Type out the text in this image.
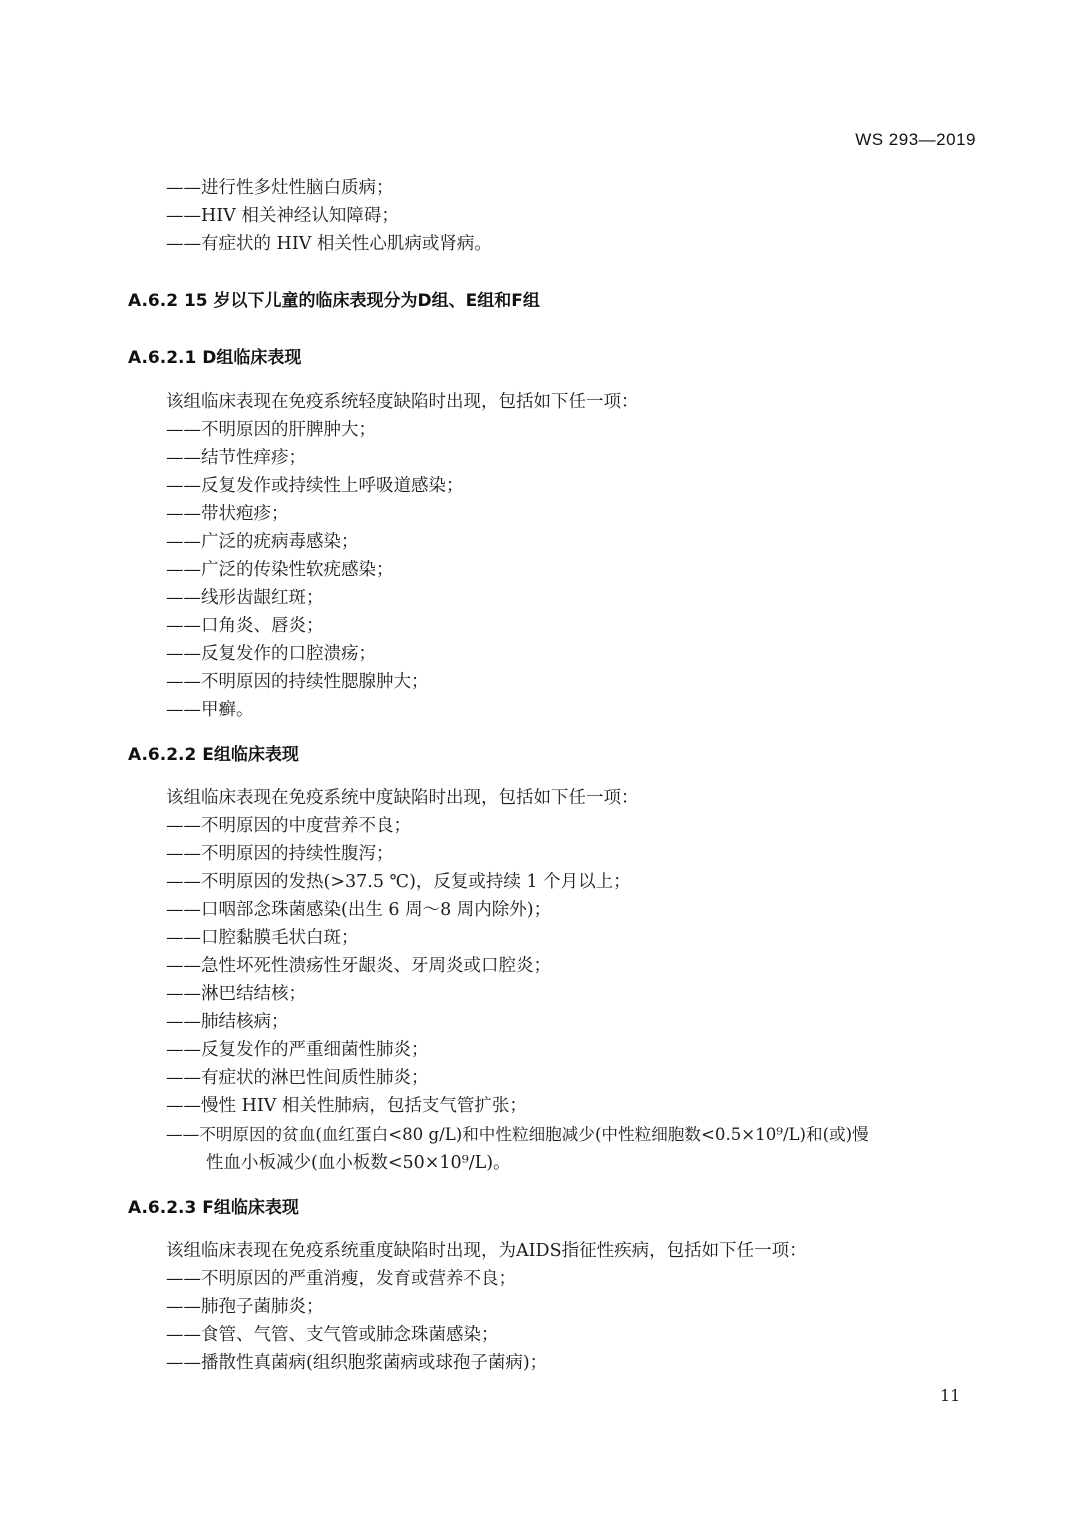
WS 293—2019
——进行性多灶性脑白质病；
——HIV 相关神经认知障碍；
——有症状的 HIV 相关性心肌病或肾病。
A.6.2 15 岁以下儿童的临床表现分为D组、E组和F组
A.6.2.1 D组临床表现
该组临床表现在免疫系统轻度缺陷时出现，包括如下任一项：
——不明原因的肝脾肿大；
——结节性痒疹；
——反复发作或持续性上呼吸道感染；
——带状疱疹；
——广泛的疣病毒感染；
——广泛的传染性软疣感染；
——线形齿龈红斑；
——口角炎、唇炎；
——反复发作的口腔溃疡；
——不明原因的持续性腮腺肿大；
——甲癣。
A.6.2.2 E组临床表现
该组临床表现在免疫系统中度缺陷时出现，包括如下任一项：
——不明原因的中度营养不良；
——不明原因的持续性腹泻；
——不明原因的发热(>37.5 ℃)，反复或持续 1 个月以上；
——口咽部念珠菌感染(出生 6 周～8 周内除外)；
——口腔黏膜毛状白斑；
——急性坏死性溃疡性牙龈炎、牙周炎或口腔炎；
——淋巴结结核；
——肺结核病；
——反复发作的严重细菌性肺炎；
——有症状的淋巴性间质性肺炎；
——慢性 HIV 相关性肺病，包括支气管扩张；
——不明原因的贫血(血红蛋白<80 g/L)和中性粒细胞减少(中性粒细胞数<0.5×10⁹/L)和(或)慢
性血小板减少(血小板数<50×10⁹/L)。
A.6.2.3 F组临床表现
该组临床表现在免疫系统重度缺陷时出现，为AIDS指征性疾病，包括如下任一项：
——不明原因的严重消瘦，发育或营养不良；
——肺孢子菌肺炎；
——食管、气管、支气管或肺念珠菌感染；
——播散性真菌病(组织胞浆菌病或球孢子菌病)；
11
